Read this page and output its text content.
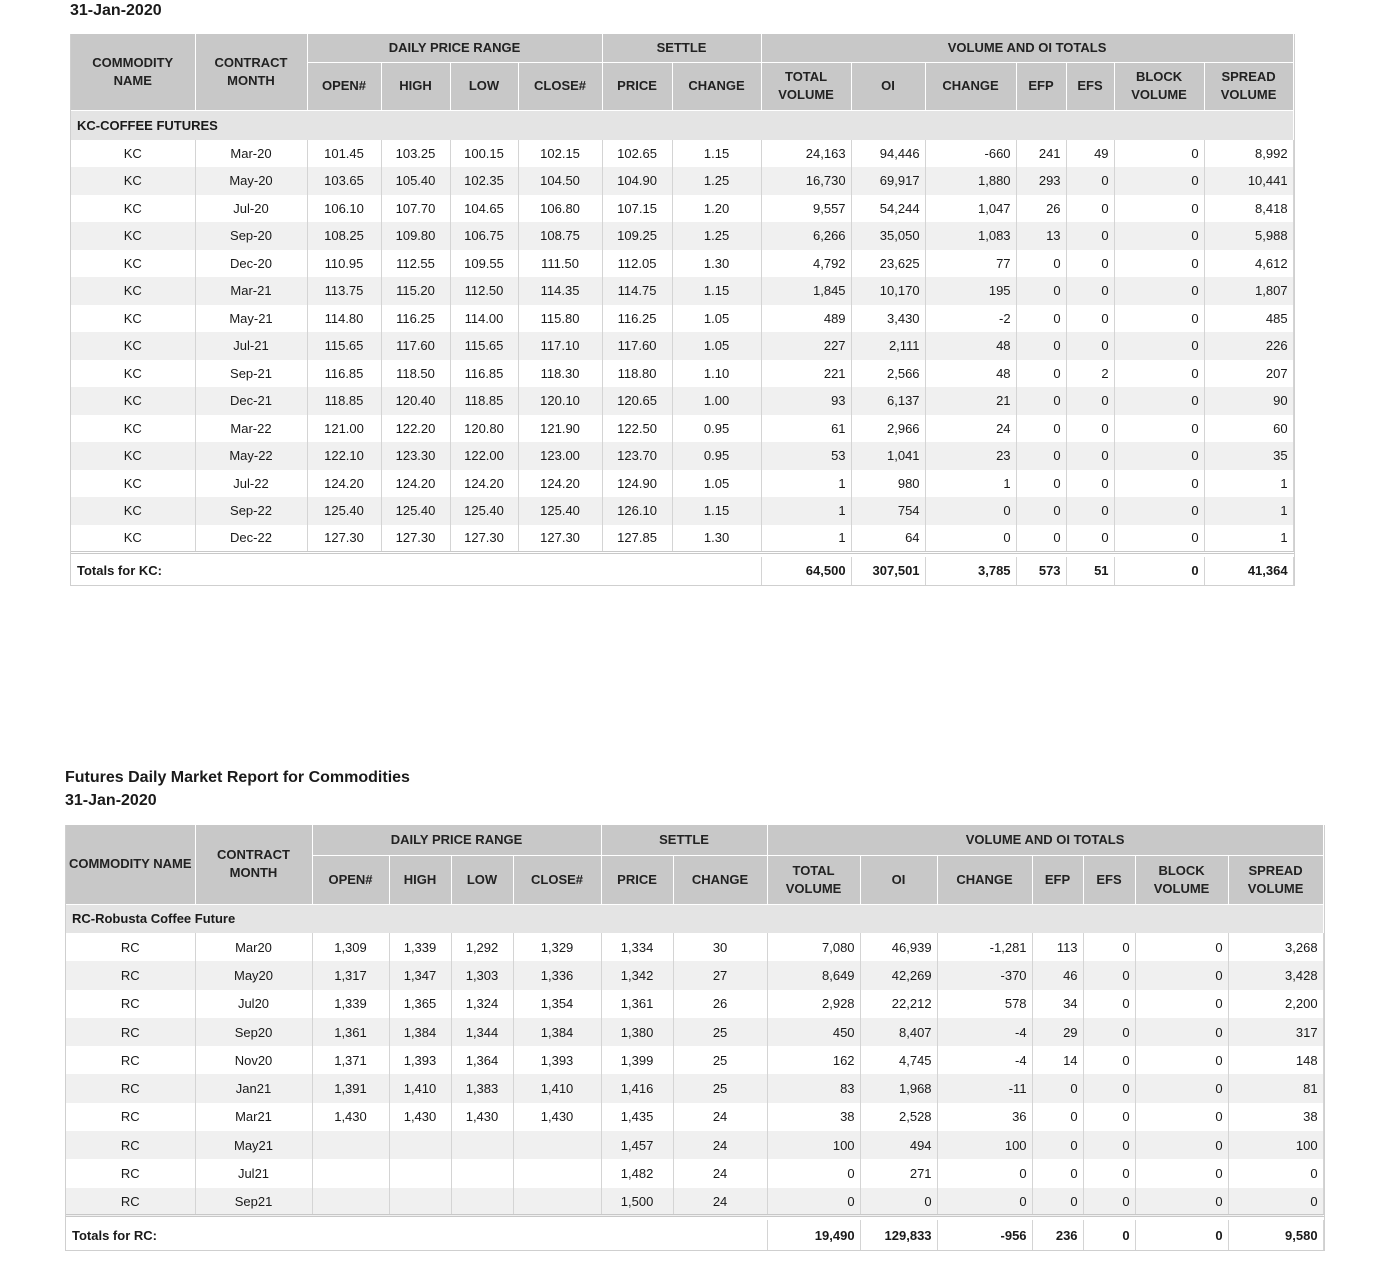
31-Jan-2020
COMMODITY NAME	CONTRACT MONTH	DAILY PRICE RANGE				SETTLE		VOLUME AND OI TOTALS						
		OPEN#	HIGH	LOW	CLOSE#	PRICE	CHANGE	TOTAL VOLUME	OI	CHANGE	EFP	EFS	BLOCK VOLUME	SPREAD VOLUME
KC-COFFEE FUTURES														
KC	Mar-20	101.45	103.25	100.15	102.15	102.65	1.15	24,163	94,446	-660	241	49	0	8,992
KC	May-20	103.65	105.40	102.35	104.50	104.90	1.25	16,730	69,917	1,880	293	0	0	10,441
KC	Jul-20	106.10	107.70	104.65	106.80	107.15	1.20	9,557	54,244	1,047	26	0	0	8,418
KC	Sep-20	108.25	109.80	106.75	108.75	109.25	1.25	6,266	35,050	1,083	13	0	0	5,988
KC	Dec-20	110.95	112.55	109.55	111.50	112.05	1.30	4,792	23,625	77	0	0	0	4,612
KC	Mar-21	113.75	115.20	112.50	114.35	114.75	1.15	1,845	10,170	195	0	0	0	1,807
KC	May-21	114.80	116.25	114.00	115.80	116.25	1.05	489	3,430	-2	0	0	0	485
KC	Jul-21	115.65	117.60	115.65	117.10	117.60	1.05	227	2,111	48	0	0	0	226
KC	Sep-21	116.85	118.50	116.85	118.30	118.80	1.10	221	2,566	48	0	2	0	207
KC	Dec-21	118.85	120.40	118.85	120.10	120.65	1.00	93	6,137	21	0	0	0	90
KC	Mar-22	121.00	122.20	120.80	121.90	122.50	0.95	61	2,966	24	0	0	0	60
KC	May-22	122.10	123.30	122.00	123.00	123.70	0.95	53	1,041	23	0	0	0	35
KC	Jul-22	124.20	124.20	124.20	124.20	124.90	1.05	1	980	1	0	0	0	1
KC	Sep-22	125.40	125.40	125.40	125.40	126.10	1.15	1	754	0	0	0	0	1
KC	Dec-22	127.30	127.30	127.30	127.30	127.85	1.30	1	64	0	0	0	0	1

Totals for KC:								64,500	307,501	3,785	573	51	0	41,364
Futures Daily Market Report for Commodities
31-Jan-2020
COMMODITY NAME	CONTRACT MONTH	DAILY PRICE RANGE				SETTLE		VOLUME AND OI TOTALS						
		OPEN#	HIGH	LOW	CLOSE#	PRICE	CHANGE	TOTAL VOLUME	OI	CHANGE	EFP	EFS	BLOCK VOLUME	SPREAD VOLUME
RC-Robusta Coffee Future														
RC	Mar20	1,309	1,339	1,292	1,329	1,334	30	7,080	46,939	-1,281	113	0	0	3,268
RC	May20	1,317	1,347	1,303	1,336	1,342	27	8,649	42,269	-370	46	0	0	3,428
RC	Jul20	1,339	1,365	1,324	1,354	1,361	26	2,928	22,212	578	34	0	0	2,200
RC	Sep20	1,361	1,384	1,344	1,384	1,380	25	450	8,407	-4	29	0	0	317
RC	Nov20	1,371	1,393	1,364	1,393	1,399	25	162	4,745	-4	14	0	0	148
RC	Jan21	1,391	1,410	1,383	1,410	1,416	25	83	1,968	-11	0	0	0	81
RC	Mar21	1,430	1,430	1,430	1,430	1,435	24	38	2,528	36	0	0	0	38
RC	May21					1,457	24	100	494	100	0	0	0	100
RC	Jul21					1,482	24	0	271	0	0	0	0	0
RC	Sep21					1,500	24	0	0	0	0	0	0	0

Totals for RC:								19,490	129,833	-956	236	0	0	9,580
